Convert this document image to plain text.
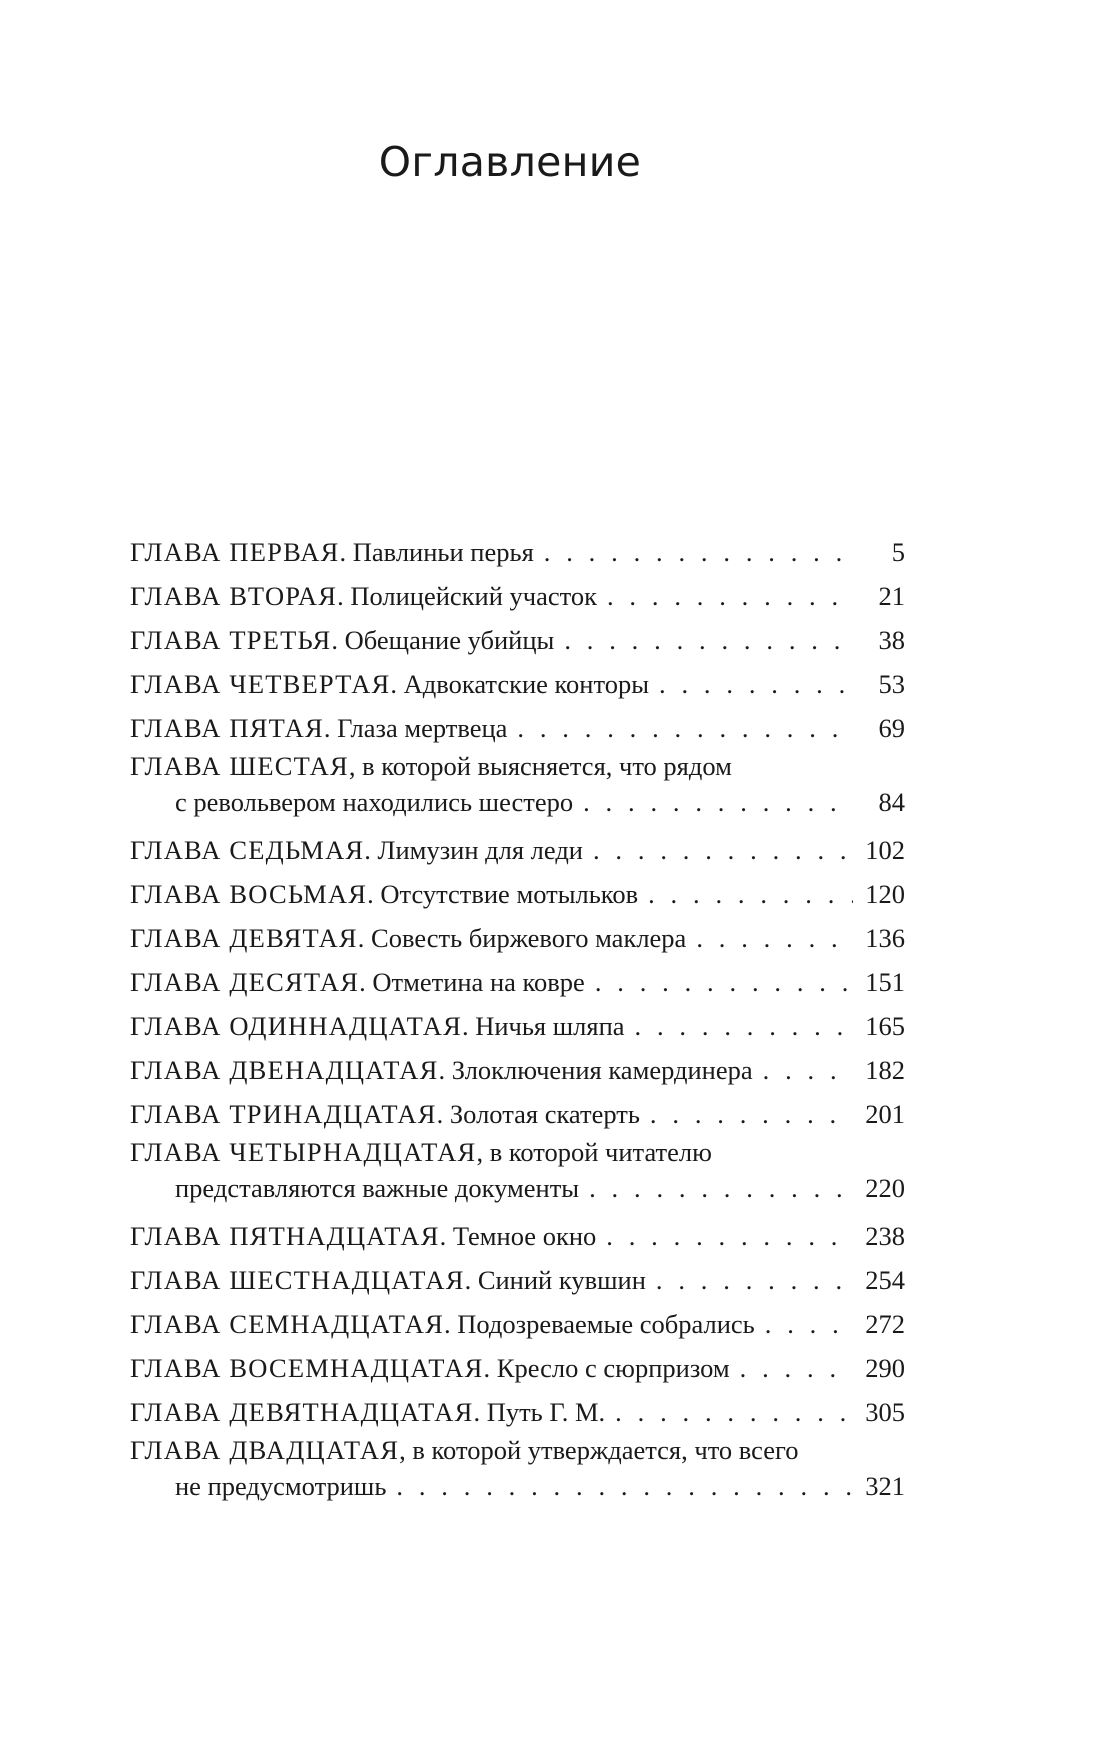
Оглавление
ГЛАВА ПЕРВАЯ. Павлиньи перья . . .	5
ГЛАВА ВТОРАЯ. Полицейский участок . . .	21
ГЛАВА ТРЕТЬЯ. Обещание убийцы . . .	38
ГЛАВА ЧЕТВЕРТАЯ. Адвокатские конторы . . .	53
ГЛАВА ПЯТАЯ. Глаза мертвеца . . .	69
ГЛАВА ШЕСТАЯ, в которой выясняется, что рядом
с револьвером находились шестеро . . .	84
ГЛАВА СЕДЬМАЯ. Лимузин для леди . . .	102
ГЛАВА ВОСЬМАЯ. Отсутствие мотыльков . . .	120
ГЛАВА ДЕВЯТАЯ. Совесть биржевого маклера . . .	136
ГЛАВА ДЕСЯТАЯ. Отметина на ковре . . .	151
ГЛАВА ОДИННАДЦАТАЯ. Ничья шляпа . . .	165
ГЛАВА ДВЕНАДЦАТАЯ. Злоключения камердинера . . .	182
ГЛАВА ТРИНАДЦАТАЯ. Золотая скатерть . . .	201
ГЛАВА ЧЕТЫРНАДЦАТАЯ, в которой читателю
представляются важные документы . . .	220
ГЛАВА ПЯТНАДЦАТАЯ. Темное окно . . .	238
ГЛАВА ШЕСТНАДЦАТАЯ. Синий кувшин . . .	254
ГЛАВА СЕМНАДЦАТАЯ. Подозреваемые собрались . . .	272
ГЛАВА ВОСЕМНАДЦАТАЯ. Кресло с сюрпризом . . .	290
ГЛАВА ДЕВЯТНАДЦАТАЯ. Путь Г. М. . . .	305
ГЛАВА ДВАДЦАТАЯ, в которой утверждается, что всего
не предусмотришь . . .	321
